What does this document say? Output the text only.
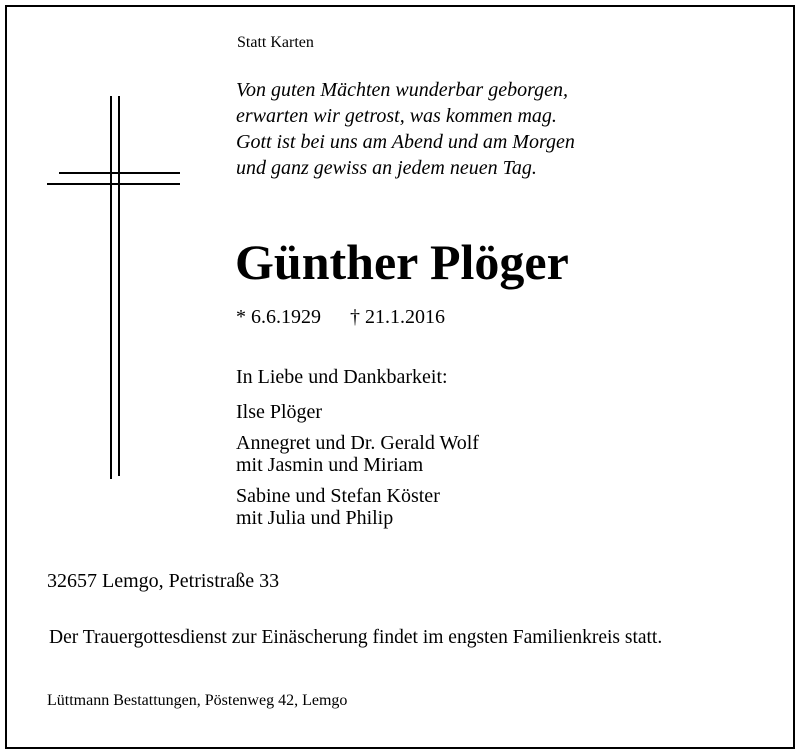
Statt Karten
Von guten Mächten wunderbar geborgen,
erwarten wir getrost, was kommen mag.
Gott ist bei uns am Abend und am Morgen
und ganz gewiss an jedem neuen Tag.
Günther Plöger
* 6.6.1929 † 21.1.2016
In Liebe und Dankbarkeit:
Ilse Plöger
Annegret und Dr. Gerald Wolf
mit Jasmin und Miriam
Sabine und Stefan Köster
mit Julia und Philip
32657 Lemgo, Petristraße 33
Der Trauergottesdienst zur Einäscherung findet im engsten Familienkreis statt.
Lüttmann Bestattungen, Pöstenweg 42, Lemgo
